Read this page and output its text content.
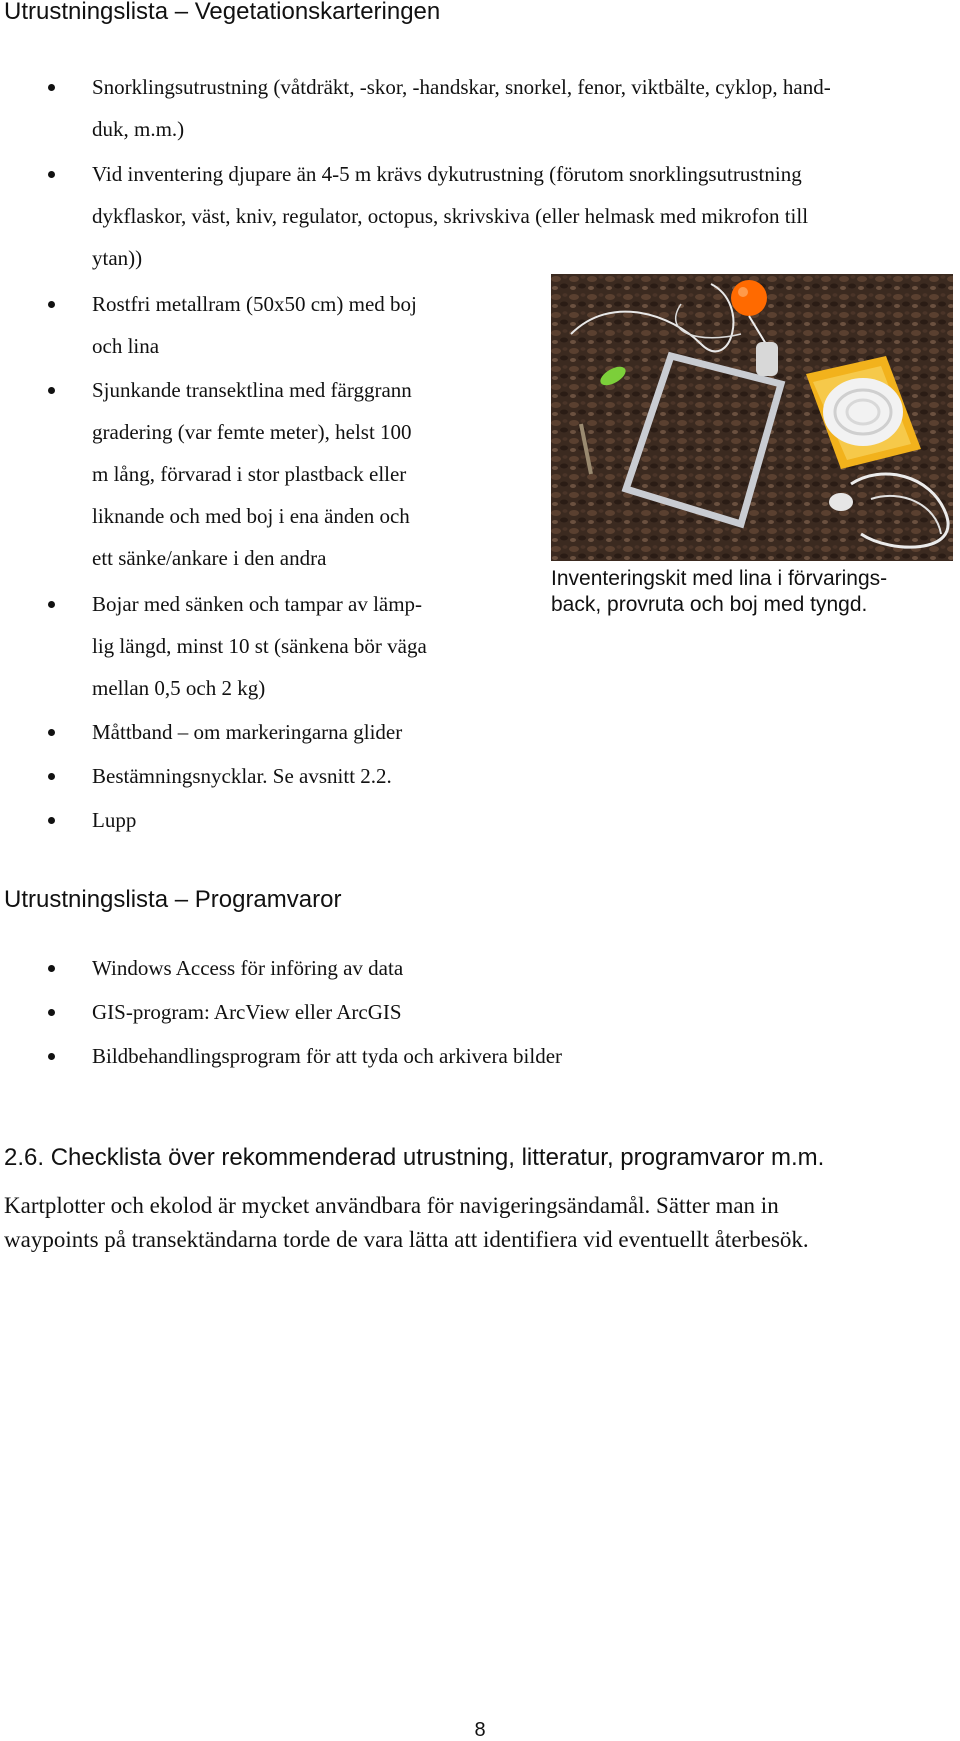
Utrustningslista – Vegetationskarteringen
Snorklingsutrustning (våtdräkt, -skor, -handskar, snorkel, fenor, viktbälte, cyklop, hand-
duk, m.m.)
Vid inventering djupare än 4-5 m krävs dykutrustning (förutom snorklingsutrustning
dykflaskor, väst, kniv, regulator, octopus, skrivskiva (eller helmask med mikrofon till
ytan))
Rostfri metallram (50x50 cm) med boj
och lina
Sjunkande transektlina med färggrann
gradering (var femte meter), helst 100
m lång, förvarad i stor plastback eller
liknande och med boj i ena änden och
ett sänke/ankare i den andra
Bojar med sänken och tampar av lämp-
lig längd, minst 10 st (sänkena bör väga
mellan 0,5 och 2 kg)
Måttband – om markeringarna glider
Bestämningsnycklar. Se avsnitt 2.2.
Lupp
Inventeringskit med lina i förvarings-
back, provruta och boj med tyngd.
Utrustningslista – Programvaror
Windows Access för införing av data
GIS-program: ArcView eller ArcGIS
Bildbehandlingsprogram för att tyda och arkivera bilder
2.6. Checklista över rekommenderad utrustning, litteratur, programvaror m.m.
Kartplotter och ekolod är mycket användbara för navigeringsändamål. Sätter man in
waypoints på transektändarna torde de vara lätta att identifiera vid eventuellt återbesök.
8
